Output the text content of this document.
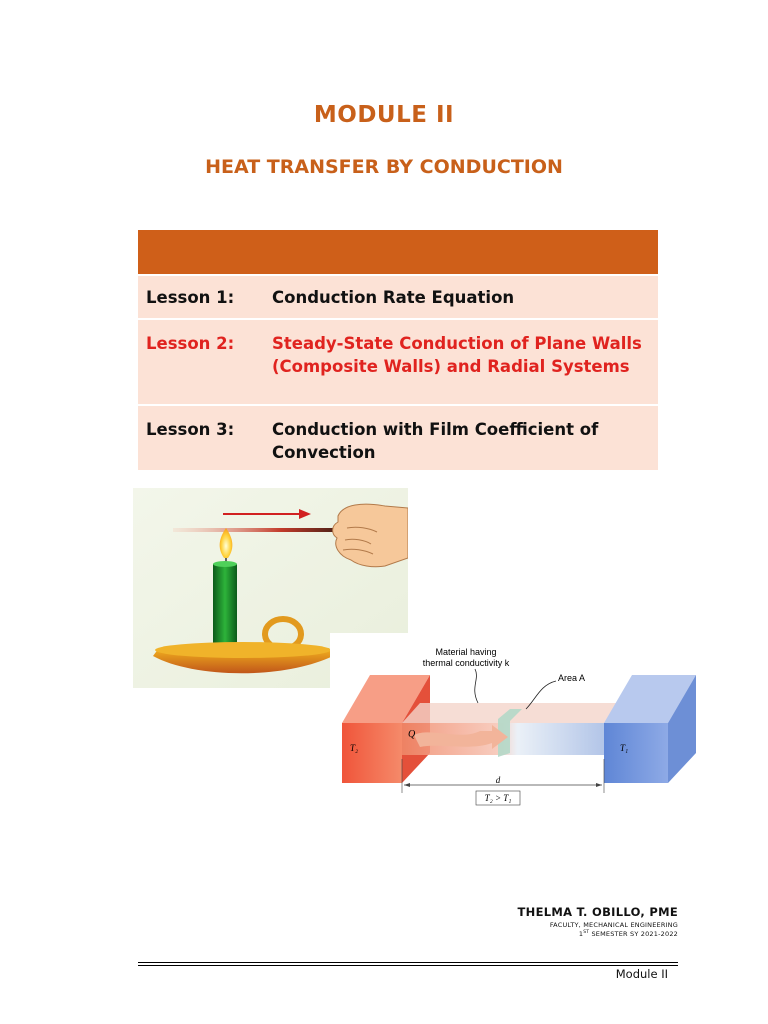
MODULE II
HEAT TRANSFER BY CONDUCTION
Lesson 1:	Conduction Rate Equation
Lesson 2:	Steady-State Conduction of Plane Walls (Composite Walls) and Radial Systems
Lesson 3:	Conduction with Film Coefficient of Convection
Material having
thermal conductivity k
Area A
Q
T₂	T₁
d
T₂ > T₁
THELMA T. OBILLO, PME
FACULTY, MECHANICAL ENGINEERING
1ST SEMESTER SY 2021-2022
Module II
